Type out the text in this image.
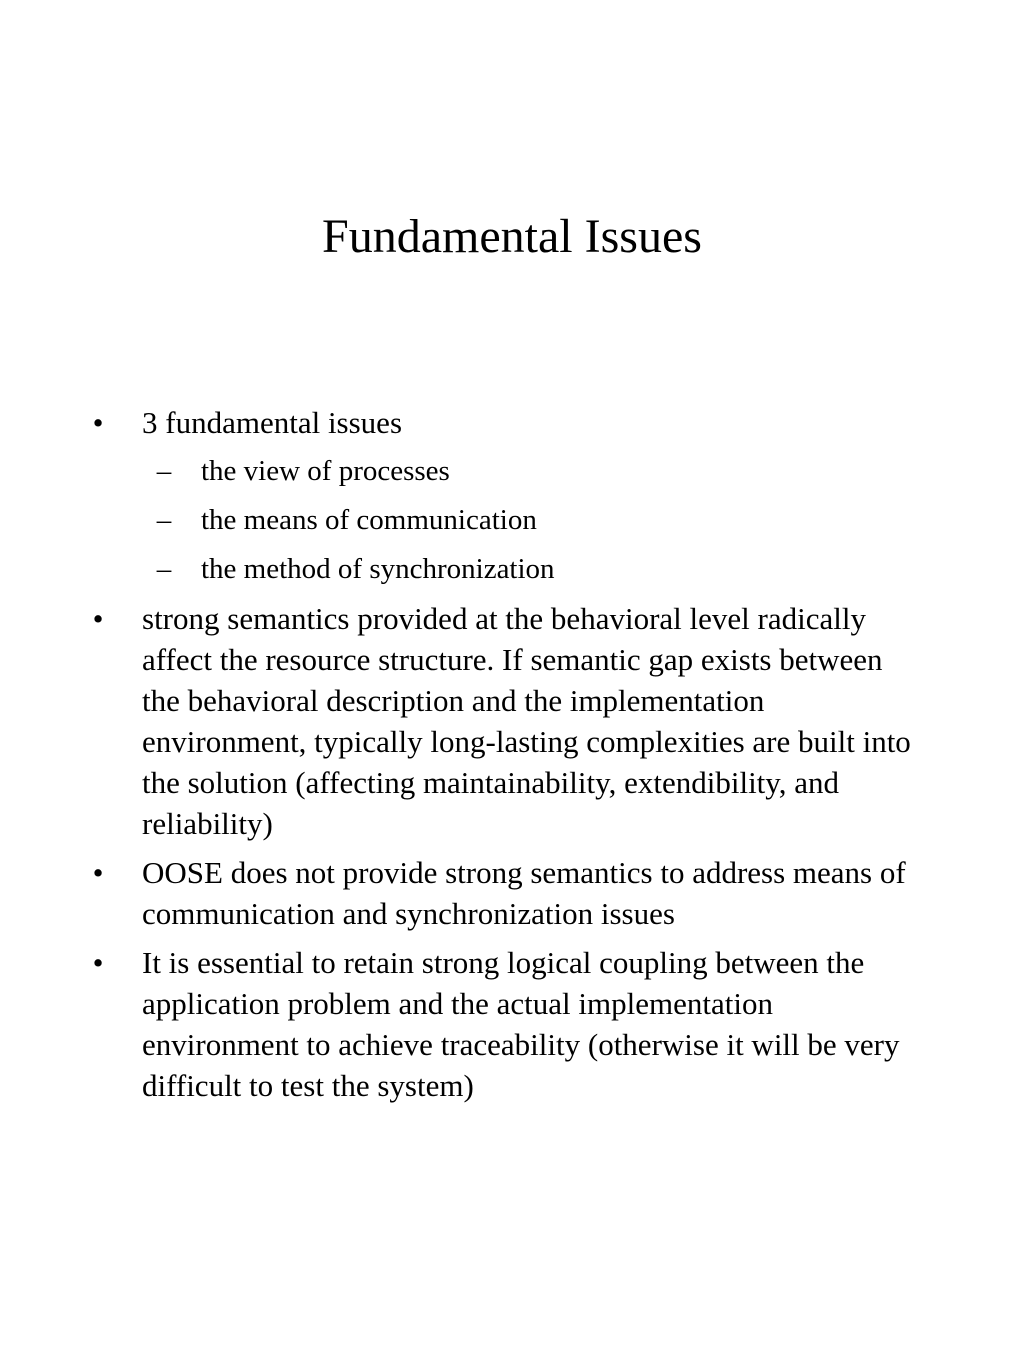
Fundamental Issues
• 3 fundamental issues
– the view of processes
– the means of communication
– the method of synchronization
• strong semantics provided at the behavioral level radically affect the resource structure. If semantic gap exists between the behavioral description and the implementation environment, typically long-lasting complexities are built into the solution (affecting maintainability, extendibility, and reliability)
• OOSE does not provide strong semantics to address means of communication and synchronization issues
• It is essential to retain strong logical coupling between the application problem and the actual implementation environment to achieve traceability (otherwise it will be very difficult to test the system)
